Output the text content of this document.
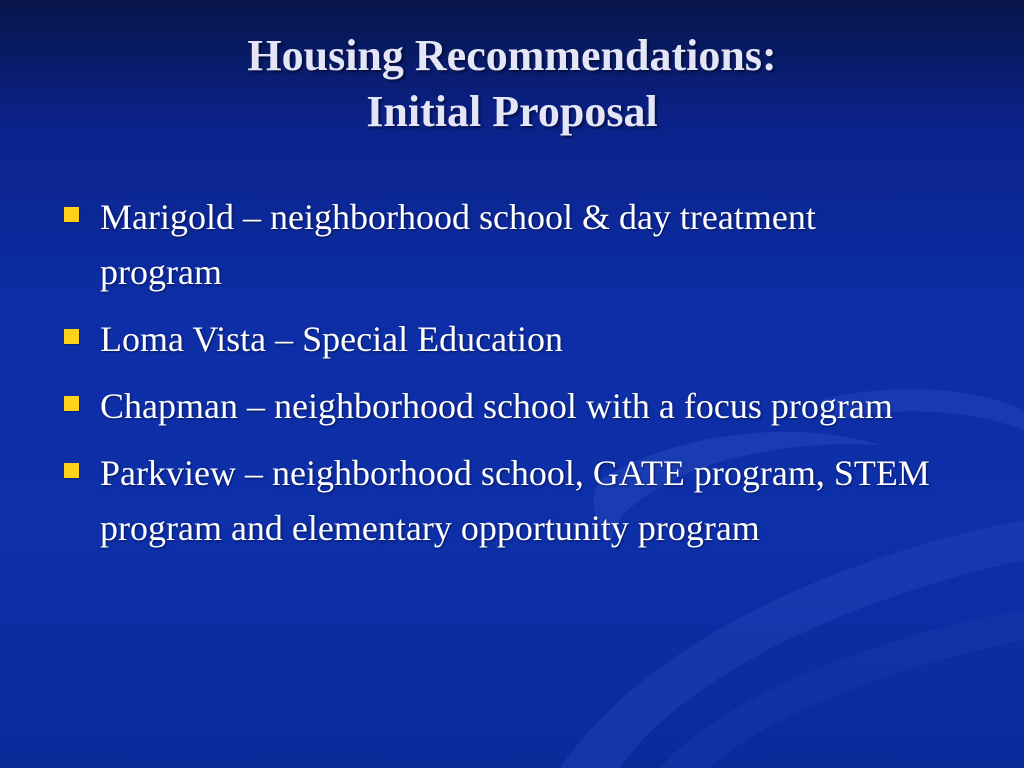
Housing Recommendations:
Initial Proposal
Marigold – neighborhood school & day treatment program
Loma Vista – Special Education
Chapman – neighborhood school with a focus program
Parkview – neighborhood school, GATE program, STEM program and elementary opportunity program
